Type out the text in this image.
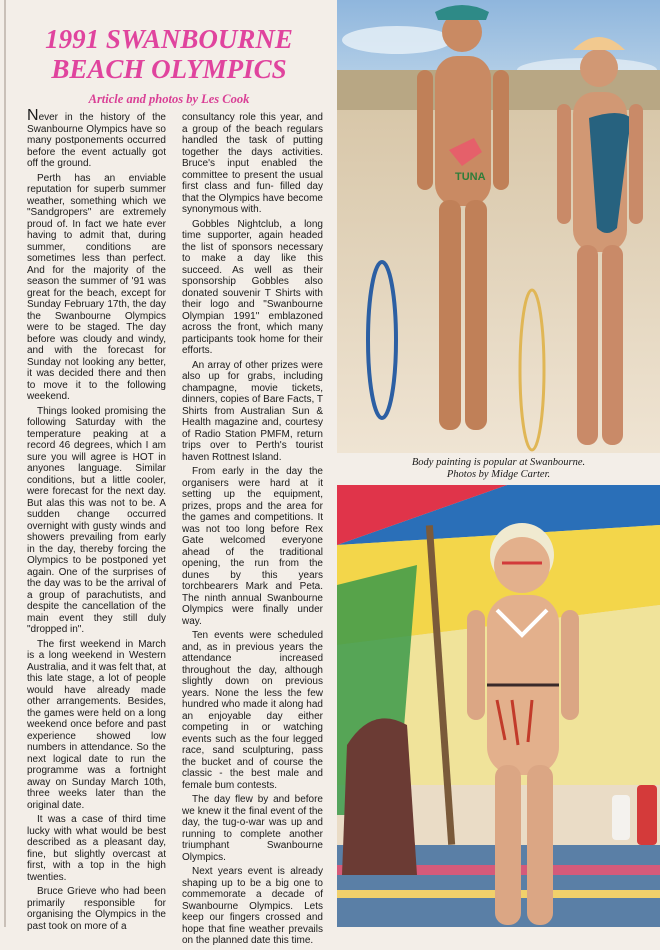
1991 SWANBOURNE
BEACH OLYMPICS
Article and photos by Les Cook

Never in the history of the Swanbourne Olympics have so many postponements occurred before the event actually got off the ground.

Perth has an enviable reputation for superb summer weather, something which we "Sandgropers" are extremely proud of. In fact we hate ever having to admit that, during summer, conditions are sometimes less than perfect. And for the majority of the season the summer of '91 was great for the beach, except for Sunday February 17th, the day the Swanbourne Olympics were to be staged. The day before was cloudy and windy, and with the forecast for Sunday not looking any better, it was decided there and then to move it to the following weekend.

Things looked promising the following Saturday with the temperature peaking at a record 46 degrees, which I am sure you will agree is HOT in anyones language. Similar conditions, but a little cooler, were forecast for the next day. But alas this was not to be. A sudden change occurred overnight with gusty winds and showers prevailing from early in the day, thereby forcing the Olympics to be postponed yet again. One of the surprises of the day was to be the arrival of a group of parachutists, and despite the cancellation of the main event they still duly "dropped in".

The first weekend in March is a long weekend in Western Australia, and it was felt that, at this late stage, a lot of people would have already made other arrangements. Besides, the games were held on a long weekend once before and past experience showed low numbers in attendance. So the next logical date to run the programme was a fortnight away on Sunday March 10th, three weeks later than the original date.

It was a case of third time lucky with what would be best described as a pleasant day, fine, but slightly overcast at first, with a top in the high twenties.

Bruce Grieve who had been primarily responsible for organising the Olympics in the past took on more of a

consultancy role this year, and a group of the beach regulars handled the task of putting together the days activities. Bruce's input enabled the committee to present the usual first class and fun- filled day that the Olympics have become synonymous with.

Gobbles Nightclub, a long time supporter, again headed the list of sponsors necessary to make a day like this succeed. As well as their sponsorship Gobbles also donated souvenir T Shirts with their logo and "Swanbourne Olympian 1991" emblazoned across the front, which many participants took home for their efforts.

An array of other prizes were also up for grabs, including champagne, movie tickets, dinners, copies of Bare Facts, T Shirts from Australian Sun & Health magazine and, courtesy of Radio Station PMFM, return trips over to Perth's tourist haven Rottnest Island.

From early in the day the organisers were hard at it setting up the equipment, prizes, props and the area for the games and competitions. It was not too long before Rex Gate welcomed everyone ahead of the traditional opening, the run from the dunes by this years torchbearers Mark and Peta. The ninth annual Swanbourne Olympics were finally under way.

Ten events were scheduled and, as in previous years the attendance increased throughout the day, although slightly down on previous years. None the less the few hundred who made it along had an enjoyable day either competing in or watching events such as the four legged race, sand sculpturing, pass the bucket and of course the classic - the best male and female bum contests.

The day flew by and before we knew it the final event of the day, the tug-o-war was up and running to complete another triumphant Swanbourne Olympics.

Next years event is already shaping up to be a big one to commemorate a decade of Swanbourne Olympics. Lets keep our fingers crossed and hope that fine weather prevails on the planned date this time.

TUNA
Body painting is popular at Swanbourne.
Photos by Midge Carter.
